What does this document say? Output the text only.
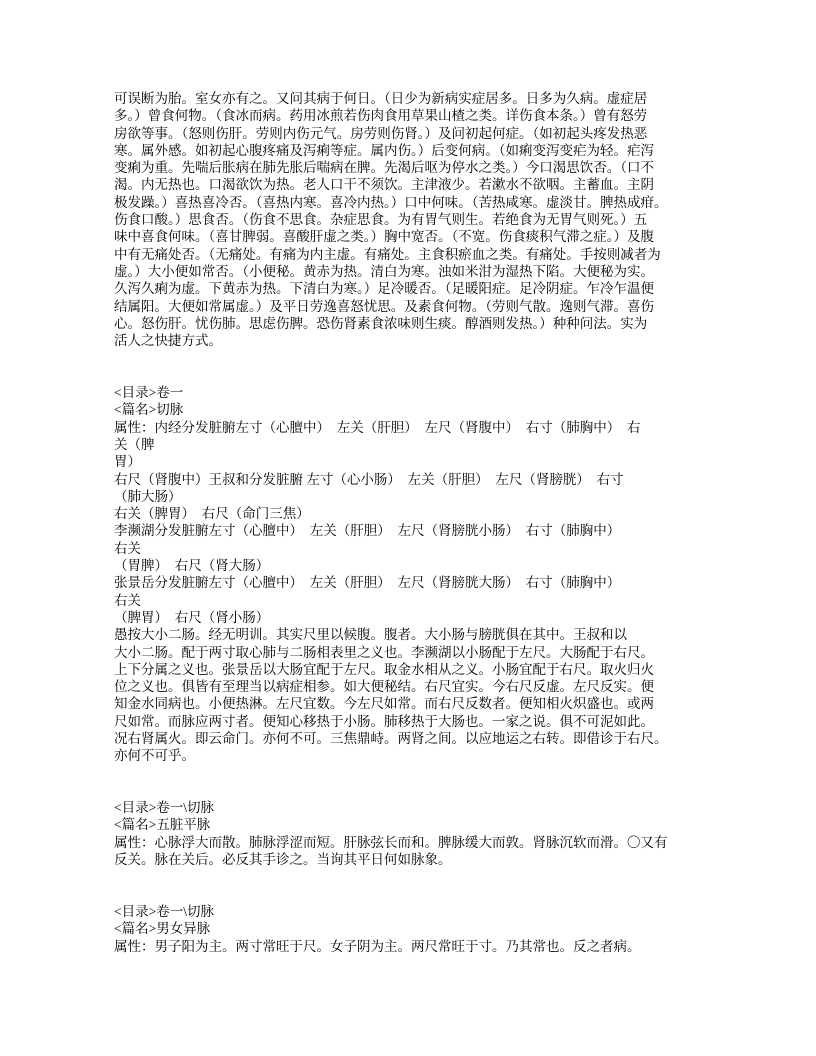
可误断为胎。室女亦有之。又问其病于何日。（日少为新病实症居多。日多为久病。虚症居
多。）曾食何物。（食冰而病。药用冰煎若伤肉食用草果山楂之类。详伤食本条。）曾有怒劳
房欲等事。（怒则伤肝。劳则内伤元气。房劳则伤肾。）及问初起何症。（如初起头疼发热恶
寒。属外感。如初起心腹疼痛及泻痢等症。属内伤。）后变何病。（如痢变泻变疟为轻。疟泻
变痢为重。先喘后胀病在肺先胀后喘病在脾。先渴后呕为停水之类。）今口渴思饮否。（口不
渴。内无热也。口渴欲饮为热。老人口干不须饮。主津液少。若漱水不欲咽。主蓄血。主阴
极发躁。）喜热喜冷否。（喜热内寒。喜冷内热。）口中何味。（苦热咸寒。虚淡甘。脾热成疳。
伤食口酸。）思食否。（伤食不思食。杂症思食。为有胃气则生。若绝食为无胃气则死。）五
味中喜食何味。（喜甘脾弱。喜酸肝虚之类。）胸中宽否。（不宽。伤食痰积气滞之症。）及腹
中有无痛处否。（无痛处。有痛为内主虚。有痛处。主食积瘀血之类。有痛处。手按则减者为
虚。）大小便如常否。（小便秘。黄赤为热。清白为寒。浊如米泔为湿热下陷。大便秘为实。
久泻久痢为虚。下黄赤为热。下清白为寒。）足冷暖否。（足暖阳症。足冷阴症。乍冷乍温便
结属阳。大便如常属虚。）及平日劳逸喜怒忧思。及素食何物。（劳则气散。逸则气滞。喜伤
心。怒伤肝。忧伤肺。思虑伤脾。恐伤肾素食浓味则生痰。醇酒则发热。）种种问法。实为
活人之快捷方式。

<目录>卷一
<篇名>切脉
属性：内经分发脏腑左寸（心膻中）　左关（肝胆）　左尺（肾腹中）　右寸（肺胸中）　右
关（脾
胃）
右尺（肾腹中）王叔和分发脏腑 左寸（心小肠）　左关（肝胆）　左尺（肾膀胱）　右寸
（肺大肠）
右关（脾胃）　右尺（命门三焦）
李濒湖分发脏腑左寸（心膻中）　左关（肝胆）　左尺（肾膀胱小肠）　右寸（肺胸中）
右关
（胃脾）　右尺（肾大肠）
张景岳分发脏腑左寸（心膻中）　左关（肝胆）　左尺（肾膀胱大肠）　右寸（肺胸中）
右关
（脾胃）　右尺（肾小肠）
愚按大小二肠。经无明训。其实尺里以候腹。腹者。大小肠与膀胱俱在其中。王叔和以
大小二肠。配于两寸取心肺与二肠相表里之义也。李濒湖以小肠配于左尺。大肠配于右尺。
上下分属之义也。张景岳以大肠宜配于左尺。取金水相从之义。小肠宜配于右尺。取火归火
位之义也。俱皆有至理当以病症相参。如大便秘结。右尺宜实。今右尺反虚。左尺反实。便
知金水同病也。小便热淋。左尺宜数。今左尺如常。而右尺反数者。便知相火炽盛也。或两
尺如常。而脉应两寸者。便知心移热于小肠。肺移热于大肠也。一家之说。俱不可泥如此。
况右肾属火。即云命门。亦何不可。三焦鼎峙。两肾之间。以应地运之右转。即借诊于右尺。
亦何不可乎。

<目录>卷一\切脉
<篇名>五脏平脉
属性：心脉浮大而散。肺脉浮涩而短。肝脉弦长而和。脾脉缓大而敦。肾脉沉软而滑。〇又有
反关。脉在关后。必反其手诊之。当询其平日何如脉象。

<目录>卷一\切脉
<篇名>男女异脉
属性：男子阳为主。两寸常旺于尺。女子阴为主。两尺常旺于寸。乃其常也。反之者病。
